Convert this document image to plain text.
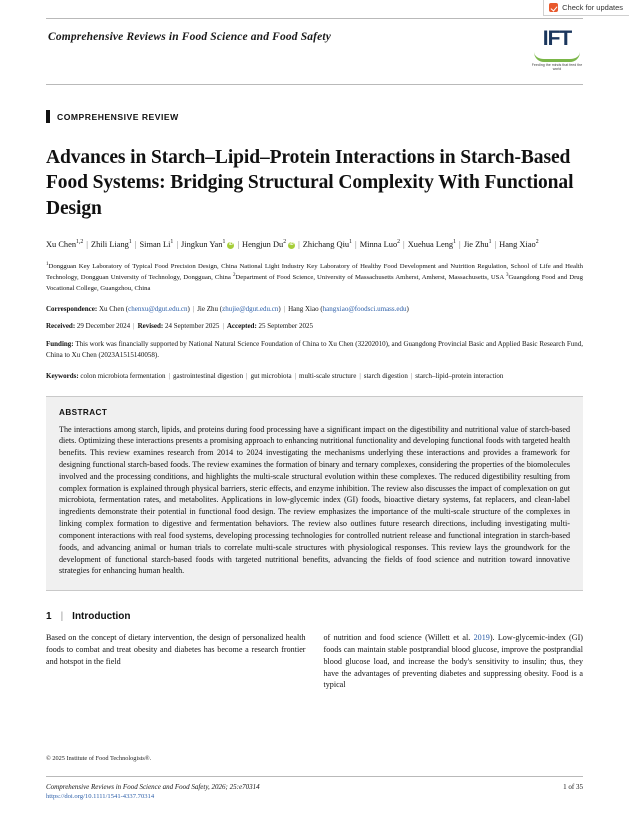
Check for updates
Comprehensive Reviews in Food Science and Food Safety	IFT
Feeding the minds that feed the world
COMPREHENSIVE REVIEW
Advances in Starch–Lipid–Protein Interactions in Starch-Based Food Systems: Bridging Structural Complexity With Functional Design
Xu Chen$^{1,2}$ | Zhili Liang$^1$ | Siman Li$^1$ | Jingkun Yan$^1$ iD | Hengjun Du$^2$ iD | Zhichang Qiu$^1$ | Minna Luo$^2$ | Xuehua Leng$^1$ | Jie Zhu$^1$ | Hang Xiao$^2$
$^1$Dongguan Key Laboratory of Typical Food Precision Design, China National Light Industry Key Laboratory of Healthy Food Development and Nutrition Regulation, School of Life and Health Technology, Dongguan University of Technology, Dongguan, China $^2$Department of Food Science, University of Massachusetts Amherst, Amherst, Massachusetts, USA $^3$Guangdong Food and Drug Vocational College, Guangzhou, China
Correspondence: Xu Chen (chenxu@dgut.edu.cn) | Jie Zhu (zhujie@dgut.edu.cn) | Hang Xiao (hangxiao@foodsci.umass.edu)
Received: 29 December 2024 | Revised: 24 September 2025 | Accepted: 25 September 2025
Funding: This work was financially supported by National Natural Science Foundation of China to Xu Chen (32202010), and Guangdong Provincial Basic and Applied Basic Research Fund, China to Xu Chen (2023A1515140058).
Keywords: colon microbiota fermentation | gastrointestinal digestion | gut microbiota | multi-scale structure | starch digestion | starch–lipid–protein interaction
ABSTRACT

The interactions among starch, lipids, and proteins during food processing have a significant impact on the digestibility and nutritional value of starch-based diets. Optimizing these interactions presents a promising approach to enhancing nutritional functionality and developing functional foods with targeted health benefits. This review examines research from 2014 to 2024 investigating the mechanisms underlying these interactions and provides a framework for designing functional starch-based foods. The review examines the formation of binary and ternary complexes, considering the properties of the biomolecules involved and the processing conditions, and highlights the multi-scale structural evolution within these complexes. The reduced digestibility resulting from complex formation is explained through physical barriers, steric effects, and enzyme inhibition. The review also discusses the impact of complexation on gut microbiota, fermentation rates, and metabolites. Applications in low-glycemic index (GI) foods, bioactive dietary systems, fat replacers, and clean-label ingredients demonstrate their potential in functional food design. The review emphasizes the importance of the multi-scale structure of the complexes in linking complex formation to digestive and fermentation behaviors. The review also outlines future research directions, including investigating multi-component interactions with real food systems, developing processing technologies for controlled nutrient release and functional integration in starch-based foods, and advancing animal or human trials to correlate multi-scale structures with physiological responses. This review lays the groundwork for the development of functional starch-based foods with targeted nutritional benefits, advancing the fields of food science and nutrition toward innovative strategies for enhancing human health.

1 | Introduction

Based on the concept of dietary intervention, the design of personalized health foods to combat and treat obesity and diabetes has become a research frontier and hotspot in the field

of nutrition and food science (Willett et al. 2019). Low-glycemic-index (GI) foods can maintain stable postprandial blood glucose, improve the postprandial blood glucose load, and increase the body's sensitivity to insulin; thus, they have the advantages of preventing diabetes and suppressing obesity. Food is a typical

© 2025 Institute of Food Technologists®.
Comprehensive Reviews in Food Science and Food Safety, 2026; 25:e70314
https://doi.org/10.1111/1541-4337.70314
1 of 35
